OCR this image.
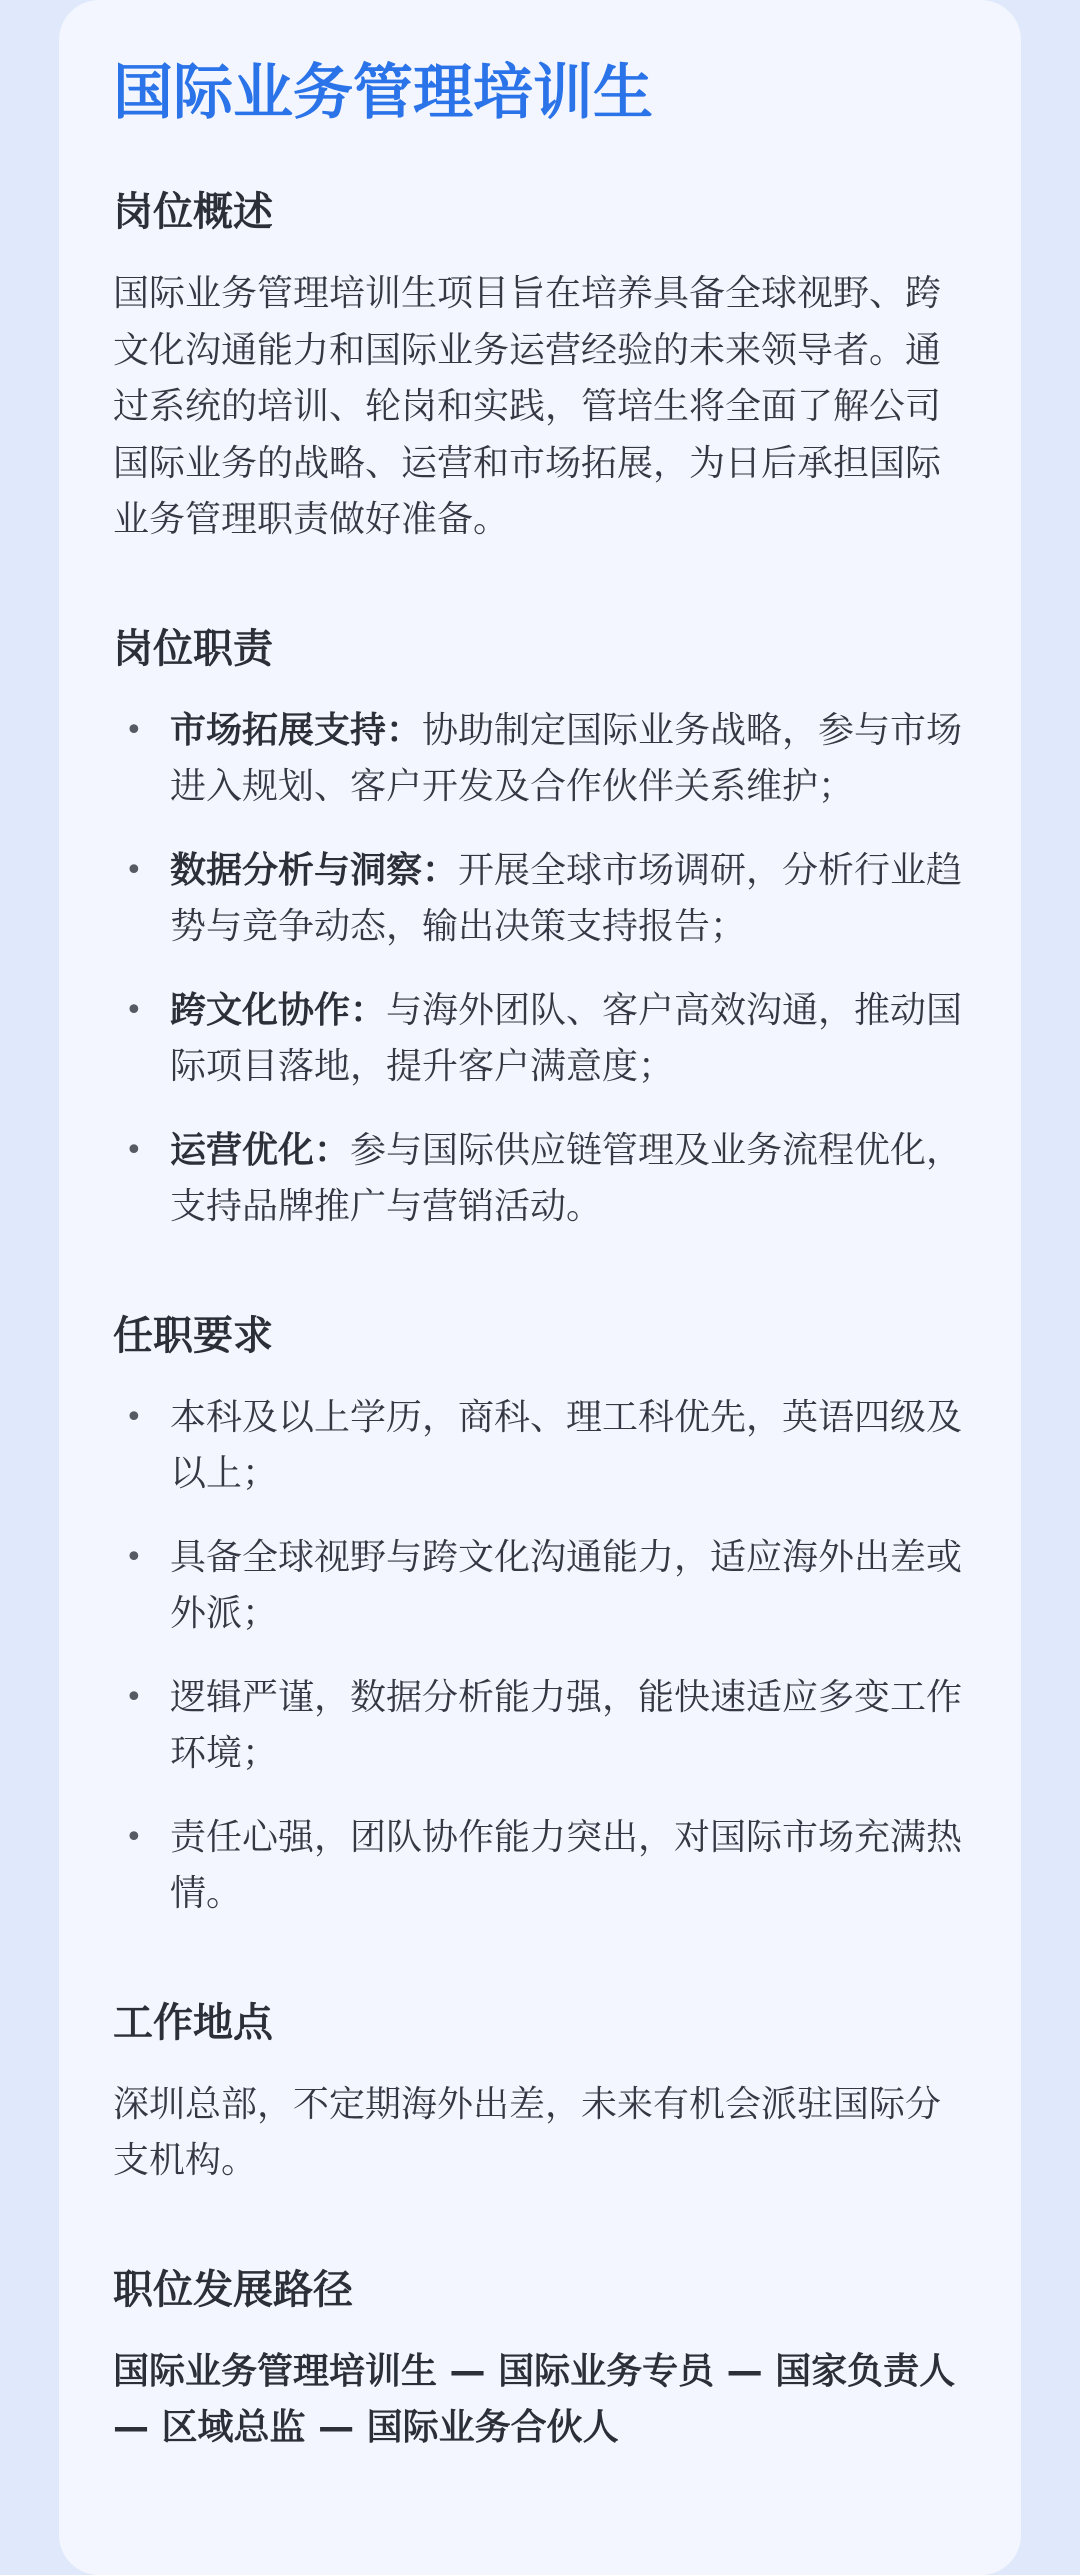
国际业务管理培训生
岗位概述

国际业务管理培训生项目旨在培养具备全球视野、跨文化沟通能力和国际业务运营经验的未来领导者。通过系统的培训、轮岗和实践，管培生将全面了解公司国际业务的战略、运营和市场拓展，为日后承担国际业务管理职责做好准备。

岗位职责
• 市场拓展支持：协助制定国际业务战略，参与市场进入规划、客户开发及合作伙伴关系维护；
• 数据分析与洞察：开展全球市场调研，分析行业趋势与竞争动态，输出决策支持报告；
• 跨文化协作：与海外团队、客户高效沟通，推动国际项目落地，提升客户满意度；
• 运营优化：参与国际供应链管理及业务流程优化，支持品牌推广与营销活动。
任职要求
• 本科及以上学历，商科、理工科优先，英语四级及以上；
• 具备全球视野与跨文化沟通能力，适应海外出差或外派；
• 逻辑严谨，数据分析能力强，能快速适应多变工作环境；
• 责任心强，团队协作能力突出，对国际市场充满热情。
工作地点

深圳总部，不定期海外出差，未来有机会派驻国际分支机构。

职位发展路径

国际业务管理培训生 — 国际业务专员 — 国家负责人 — 区域总监 — 国际业务合伙人
